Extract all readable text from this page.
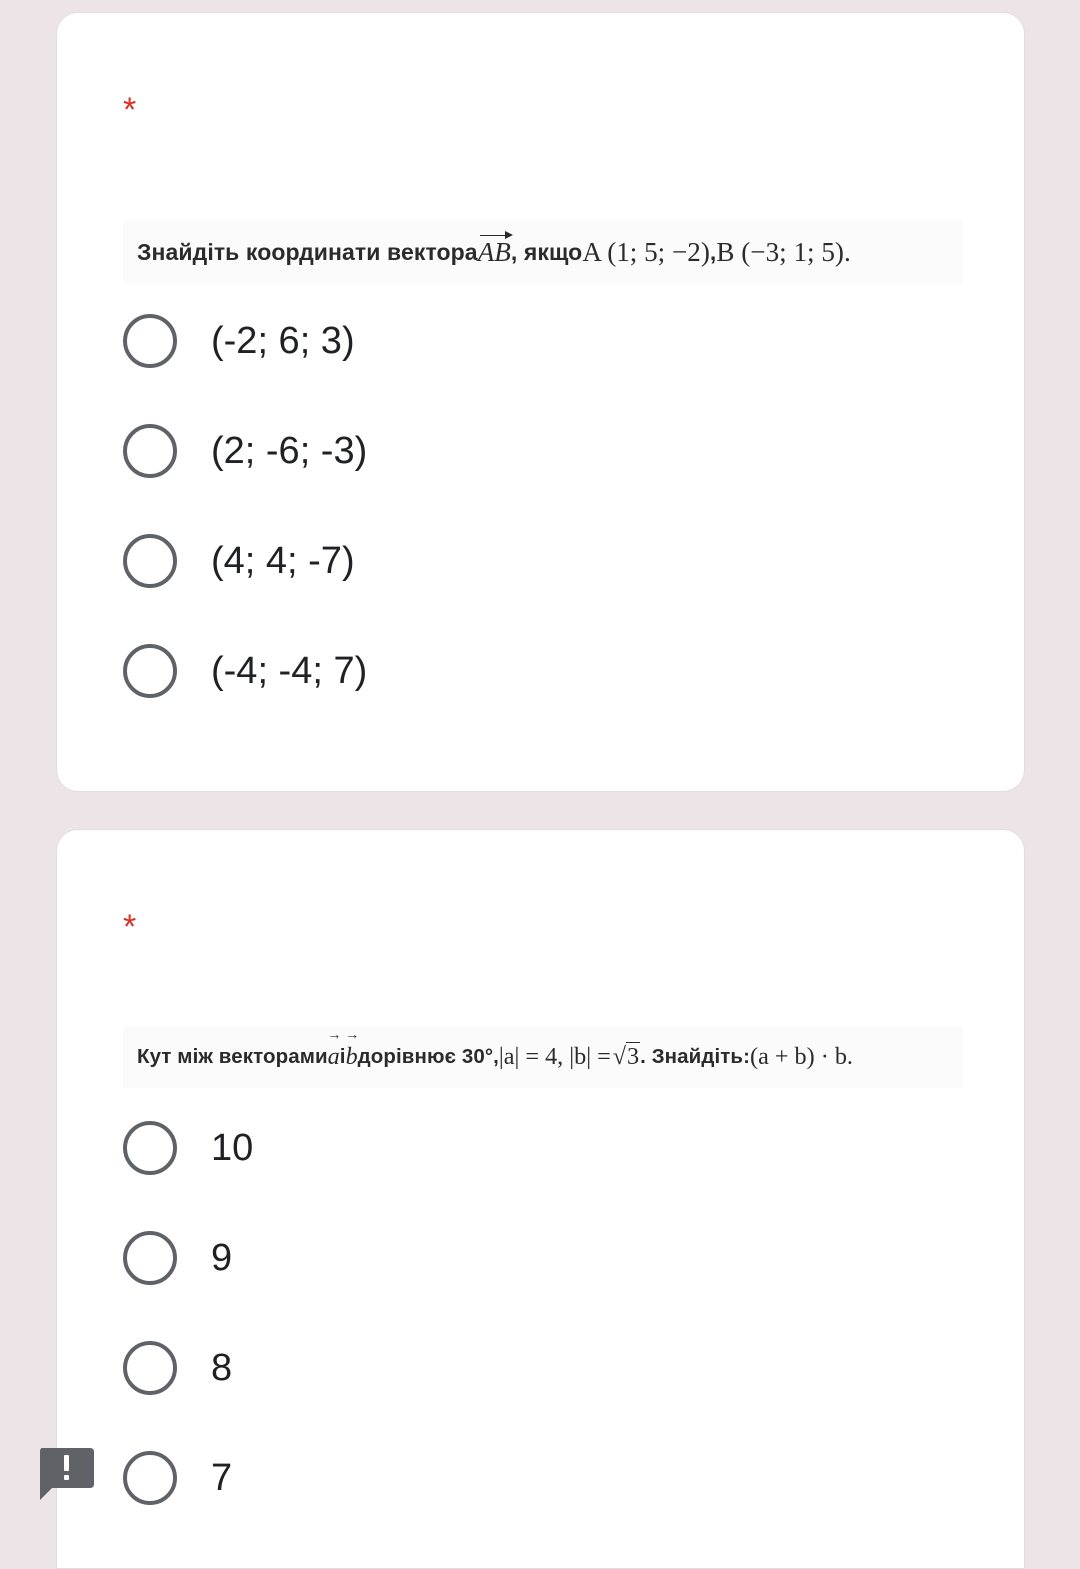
*
Знайдіть координати вектора AB , якщо A (1; 5; −2) , B (−3; 1; 5).
(-2; 6; 3)
(2; -6; -3)
(4; 4; -7)
(-4; -4; 7)
*
Кут між векторами → a і → b дорівнює 30°, |a| = 4, |b| = √3 . Знайдіть: (a + b) · b.
10
9
8
7
